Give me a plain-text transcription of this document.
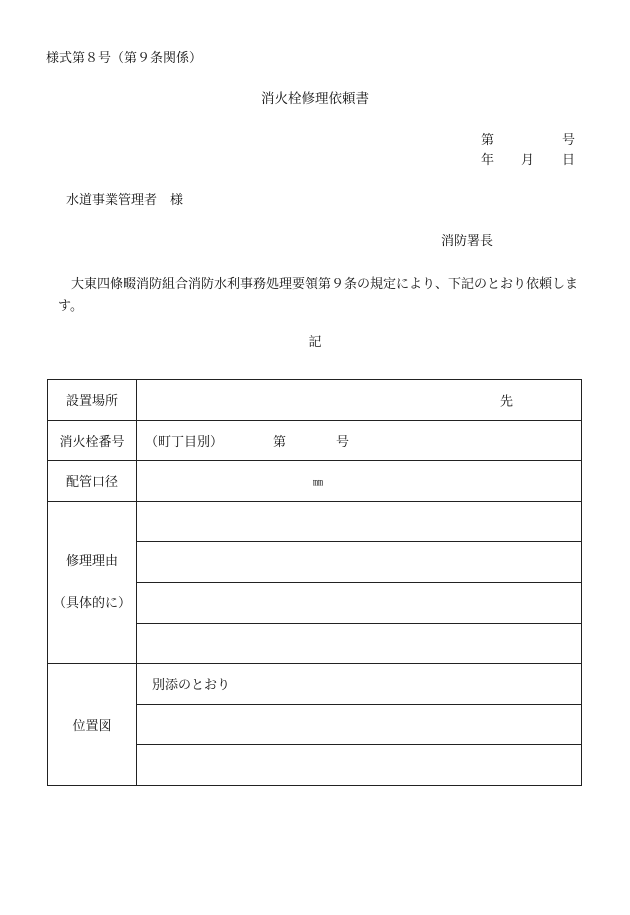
様式第８号（第９条関係）
消火栓修理依頼書
第	号
年 月 日
水道事業管理者　様
消防署長
大東四條畷消防組合消防水利事務処理要領第９条の規定により、下記のとおり依頼します。
記
設置場所	先

消火栓番号	（町丁目別） 第 号

配管口径	㎜

修理理由
（具体的に）	

位置図	別添のとおり
